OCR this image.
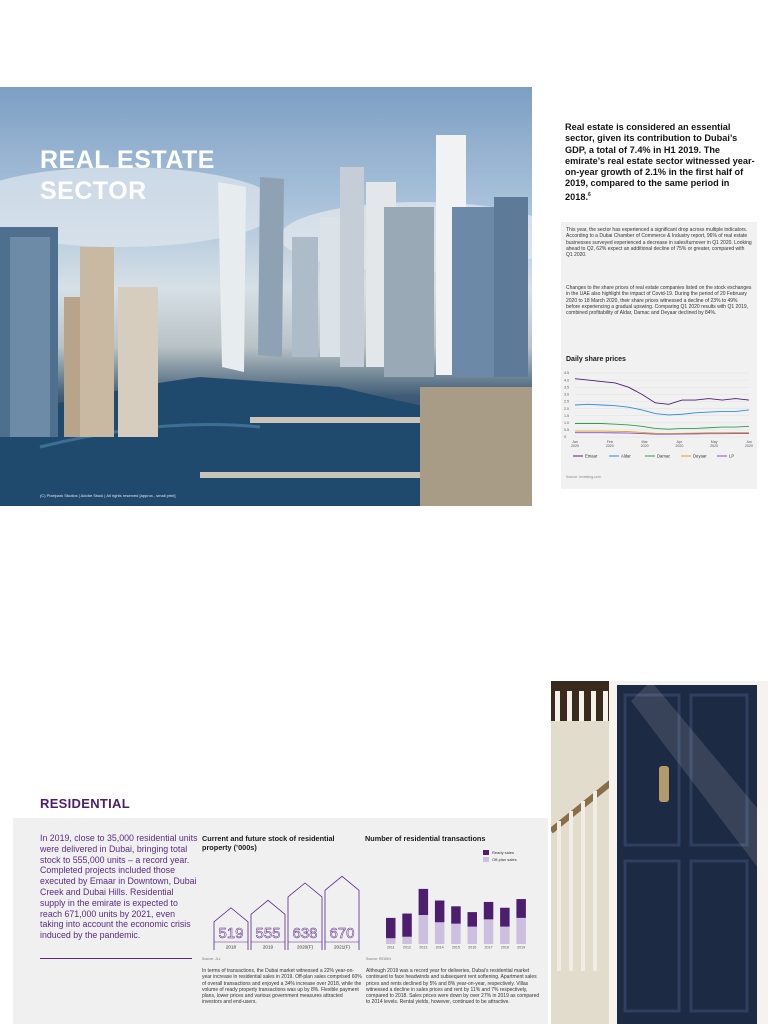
REAL ESTATE SECTOR
(C) Pixelpark Studios | Adobe Stock | All rights reserved [approx., small print]
Real estate is considered an essential sector, given its contribution to Dubai’s GDP, a total of 7.4% in H1 2019. The emirate’s real estate sector witnessed year-on-year growth of 2.1% in the first half of 2019, compared to the same period in 2018.$^6$

This year, the sector has experienced a significant drop across multiple indicators. According to a Dubai Chamber of Commerce & Industry report, 96% of real estate businesses surveyed experienced a decrease in sales/turnover in Q1 2020. Looking ahead to Q2, 62% expect an additional decline of 75% or greater, compared with Q1 2020.

Changes to the share prices of real estate companies listed on the stock exchanges in the UAE also highlight the impact of Covid-19. During the period of 20 February 2020 to 18 March 2020, their share prices witnessed a decline of 23% to 49% before experiencing a gradual upswing. Comparing Q1 2020 results with Q1 2019, combined profitability of Aldar, Damac and Deyaar declined by 84%.

Daily share prices
0
0.5
1.0
1.5
2.0
2.5
3.0
3.5
4.0
4.5
Jan
2020
Feb
2020
Mar
2020
Apr
2020
May
2020
Jun
2020
Emaar	Aldar	Damac	Deyaar	LP
Source: Investing.com
RESIDENTIAL
In 2019, close to 35,000 residential units were delivered in Dubai, bringing total stock to 555,000 units – a record year. Completed projects included those executed by Emaar in Downtown, Dubai Creek and Dubai Hills. Residential supply in the emirate is expected to reach 671,000 units by 2021, even taking into account the economic crisis induced by the pandemic.
Current and future stock of residential property (’000s)
519
2018
555
2019
638
2020(F)
670
2021(F)
Source: JLL
Number of residential transactions
Ready sales
Off-plan sales
2011 2012 2013 2014 2015 2016 2017 2018 2019
Source: REIDIN
In terms of transactions, the Dubai market witnessed a 22% year-on-year increase in residential sales in 2019. Off-plan sales comprised 60% of overall transactions and enjoyed a 34% increase over 2018, while the volume of ready property transactions was up by 8%. Flexible payment plans, lower prices and various government measures attracted investors and end-users.
Although 2019 was a record year for deliveries, Dubai’s residential market continued to face headwinds and subsequent rent softening. Apartment sales prices and rents declined by 5% and 8% year-on-year, respectively. Villas witnessed a decline in sales prices and rent by 11% and 7% respectively, compared to 2018. Sales prices were down by over 27% in 2019 as compared to 2014 levels. Rental yields, however, continued to be attractive.
